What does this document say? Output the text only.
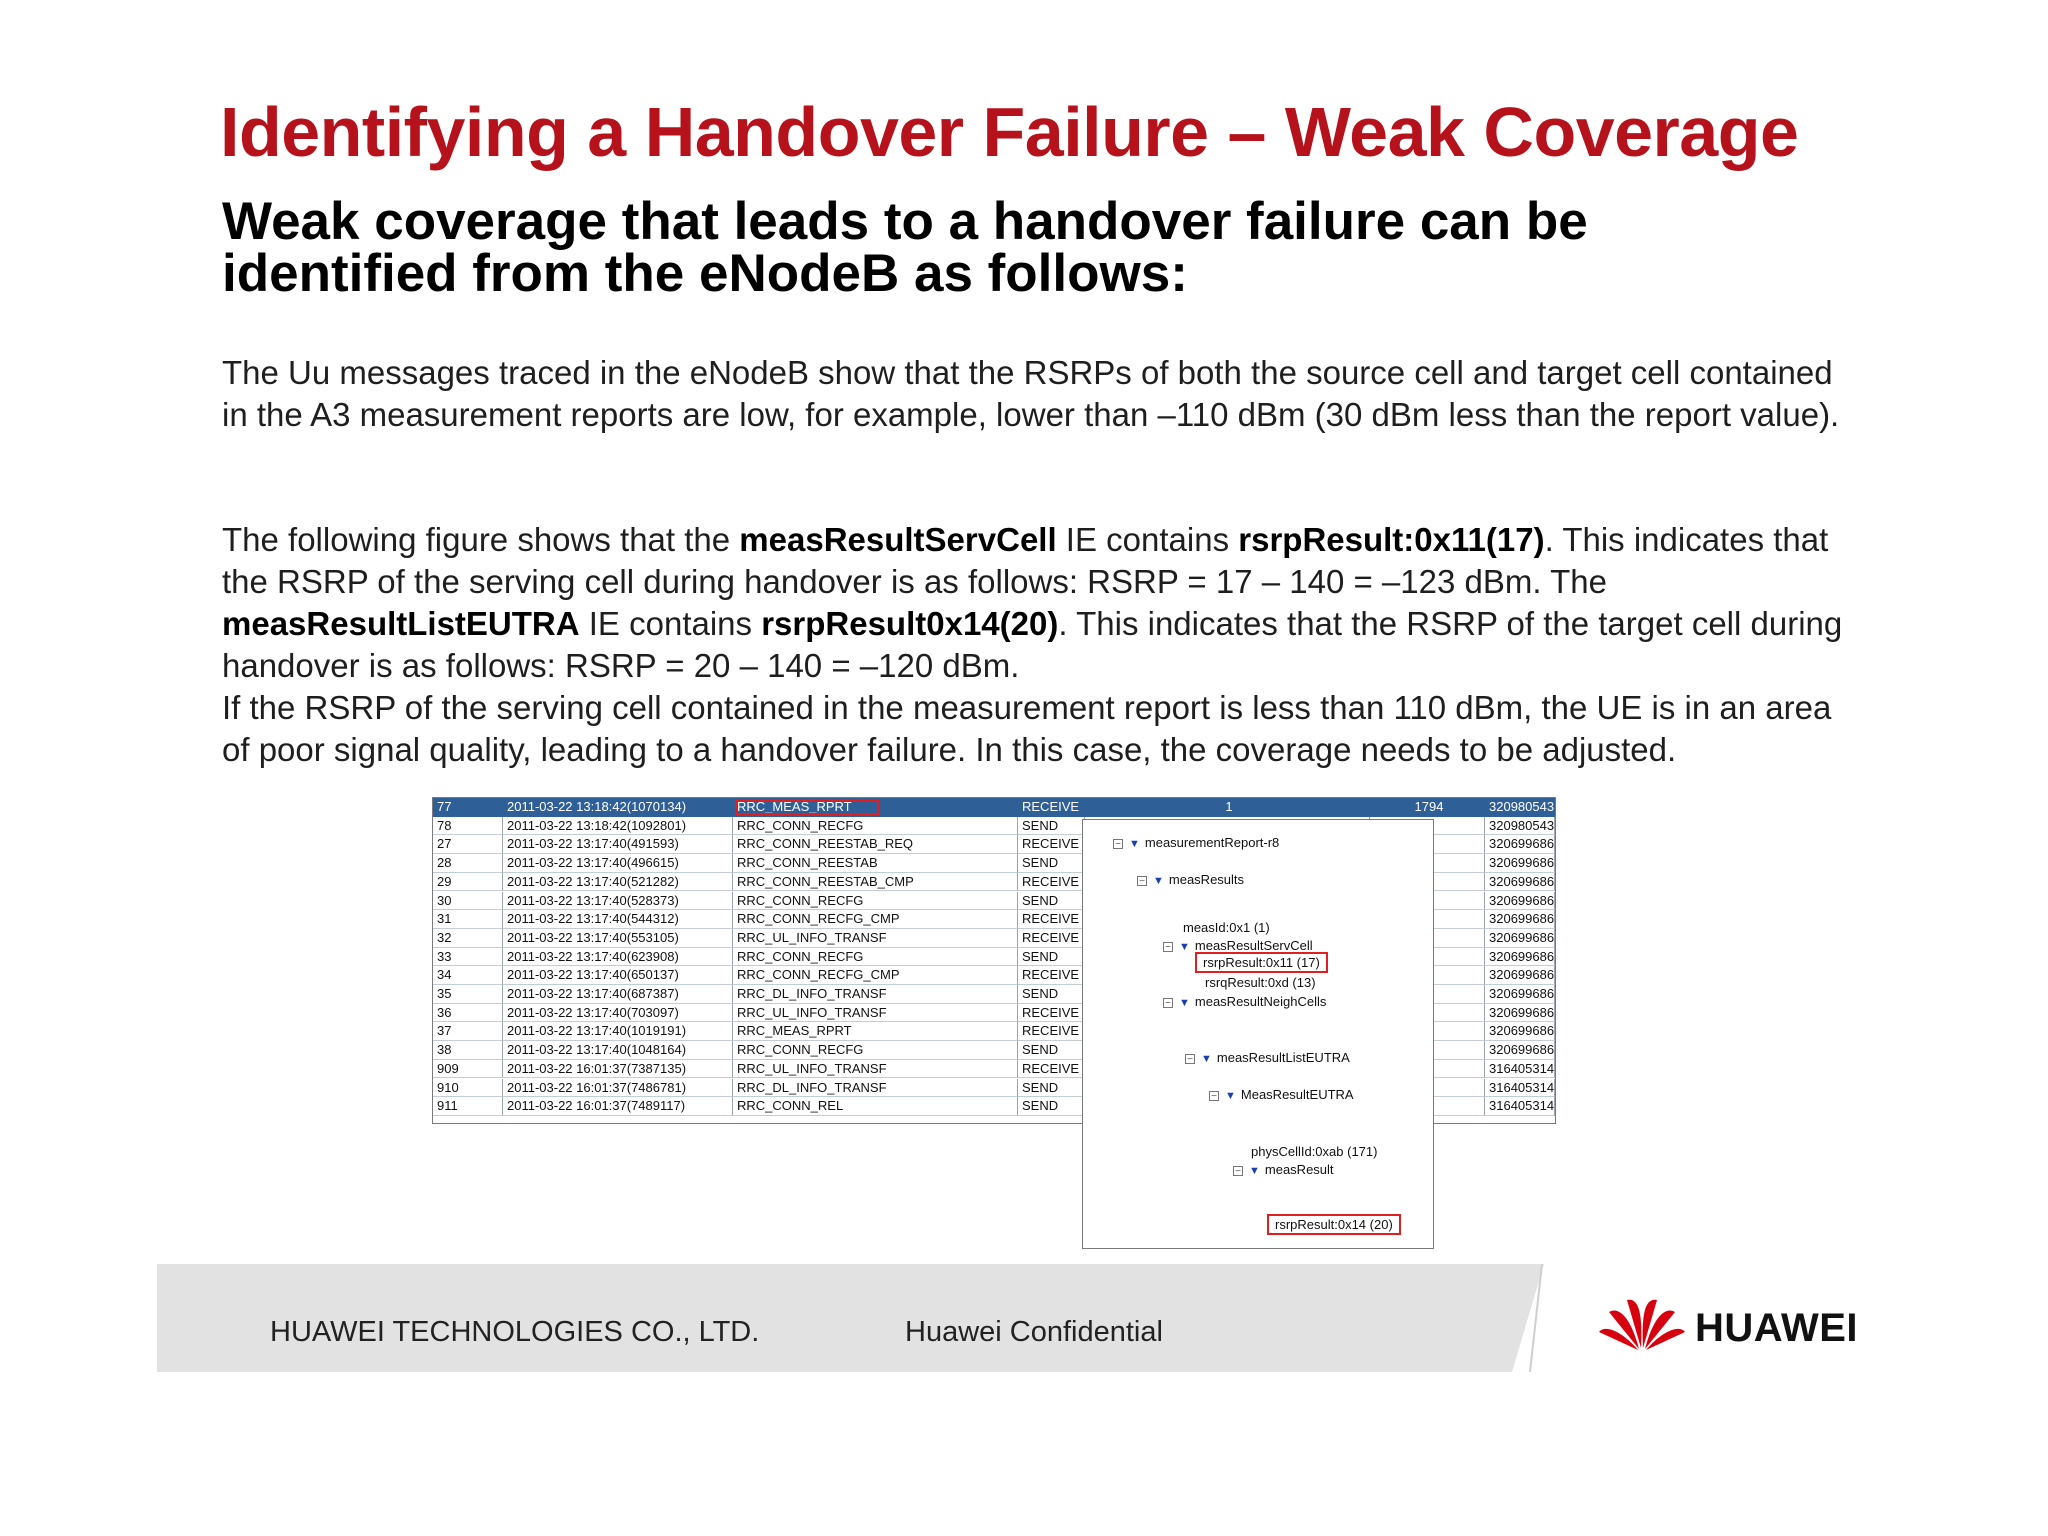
Identifying a Handover Failure – Weak Coverage
Weak coverage that leads to a handover failure can be identified from the eNodeB as follows:

The Uu messages traced in the eNodeB show that the RSRPs of both the source cell and target cell contained in the A3 measurement reports are low, for example, lower than –110 dBm (30 dBm less than the report value).

The following figure shows that the measResultServCell IE contains rsrpResult:0x11(17). This indicates that the RSRP of the serving cell during handover is as follows: RSRP = 17 – 140 = –123 dBm. The measResultListEUTRA IE contains rsrpResult0x14(20). This indicates that the RSRP of the target cell during handover is as follows: RSRP = 20 – 140 = –120 dBm.
If the RSRP of the serving cell contained in the measurement report is less than 110 dBm, the UE is in an area of poor signal quality, leading to a handover failure. In this case, the coverage needs to be adjusted.

911	2011-03-22 16:01:37(7489117)	RRC_CONN_REL	SEND	316405314
910	2011-03-22 16:01:37(7486781)	RRC_DL_INFO_TRANSF	SEND	316405314
909	2011-03-22 16:01:37(7387135)	RRC_UL_INFO_TRANSF	RECEIVE	316405314
38	2011-03-22 13:17:40(1048164)	RRC_CONN_RECFG	SEND	320699686
37	2011-03-22 13:17:40(1019191)	RRC_MEAS_RPRT	RECEIVE	320699686
36	2011-03-22 13:17:40(703097)	RRC_UL_INFO_TRANSF	RECEIVE	320699686
35	2011-03-22 13:17:40(687387)	RRC_DL_INFO_TRANSF	SEND	320699686
34	2011-03-22 13:17:40(650137)	RRC_CONN_RECFG_CMP	RECEIVE	320699686
33	2011-03-22 13:17:40(623908)	RRC_CONN_RECFG	SEND	320699686
32	2011-03-22 13:17:40(553105)	RRC_UL_INFO_TRANSF	RECEIVE	320699686
31	2011-03-22 13:17:40(544312)	RRC_CONN_RECFG_CMP	RECEIVE	320699686
30	2011-03-22 13:17:40(528373)	RRC_CONN_RECFG	SEND	320699686
29	2011-03-22 13:17:40(521282)	RRC_CONN_REESTAB_CMP	RECEIVE	320699686
28	2011-03-22 13:17:40(496615)	RRC_CONN_REESTAB	SEND	320699686
27	2011-03-22 13:17:40(491593)	RRC_CONN_REESTAB_REQ	RECEIVE	320699686
78	2011-03-22 13:18:42(1092801)	RRC_CONN_RECFG	SEND	320980543
77	2011-03-22 13:18:42(1070134)	RRC_MEAS_RPRT	RECEIVE	1	1794	320980543
− ▼ measurementReport-r8
− ▼ measResults
measId:0x1 (1)
− ▼ measResultServCell
rsrpResult:0x11 (17)
rsrqResult:0xd (13)
− ▼ measResultNeighCells
− ▼ measResultListEUTRA
− ▼ MeasResultEUTRA
physCellId:0xab (171)
− ▼ measResult
rsrpResult:0x14 (20)
HUAWEI TECHNOLOGIES CO., LTD.	Huawei Confidential	HUAWEI
